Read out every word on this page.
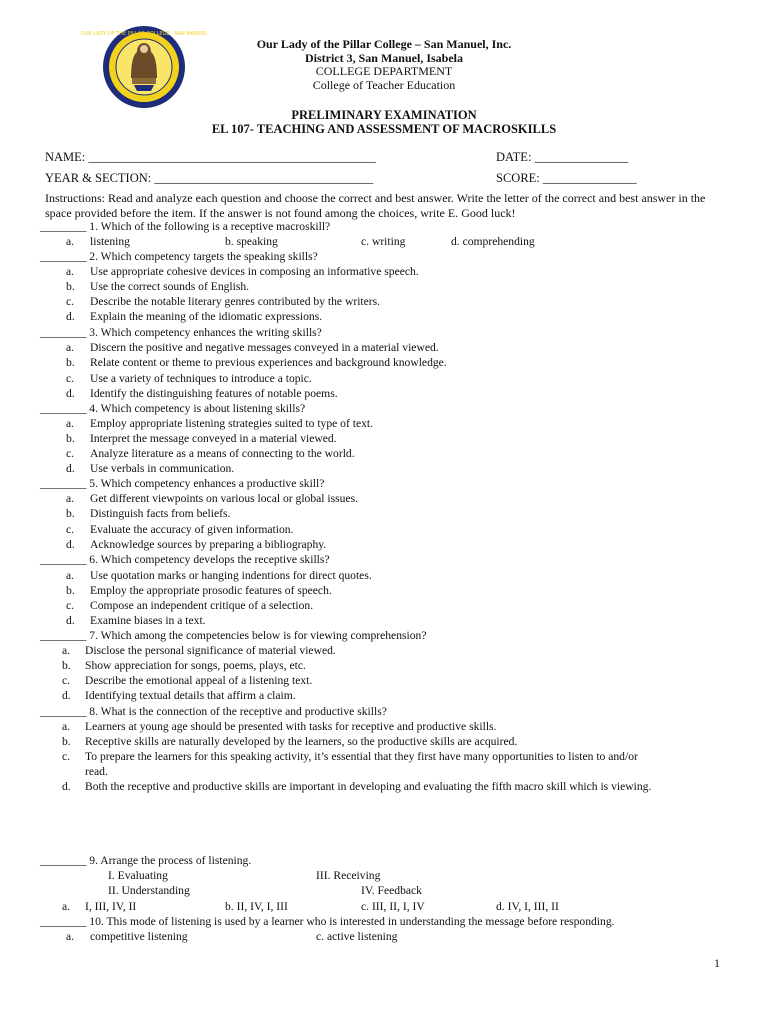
OUR LADY OF THE PILLAR COLLEGE · SAN MANUEL
Our Lady of the Pillar College – San Manuel, Inc.
District 3, San Manuel, Isabela
COLLEGE DEPARTMENT
College of Teacher Education
PRELIMINARY EXAMINATION
EL 107- TEACHING AND ASSESSMENT OF MACROSKILLS
NAME: ______________________________________________	DATE: _______________
YEAR & SECTION: ___________________________________	SCORE: _______________
Instructions: Read and analyze each question and choose the correct and best answer. Write the letter of the correct and best answer in the space provided before the item. If the answer is not found among the choices, write E. Good luck!
________ 1. Which of the following is a receptive macroskill?
a. listening	b. speaking	c. writing	d. comprehending
________ 2. Which competency targets the speaking skills?
a. Use appropriate cohesive devices in composing an informative speech.
b. Use the correct sounds of English.
c. Describe the notable literary genres contributed by the writers.
d. Explain the meaning of the idiomatic expressions.
________ 3. Which competency enhances the writing skills?
a. Discern the positive and negative messages conveyed in a material viewed.
b. Relate content or theme to previous experiences and background knowledge.
c. Use a variety of techniques to introduce a topic.
d. Identify the distinguishing features of notable poems.
________ 4. Which competency is about listening skills?
a. Employ appropriate listening strategies suited to type of text.
b. Interpret the message conveyed in a material viewed.
c. Analyze literature as a means of connecting to the world.
d. Use verbals in communication.
________ 5. Which competency enhances a productive skill?
a. Get different viewpoints on various local or global issues.
b. Distinguish facts from beliefs.
c. Evaluate the accuracy of given information.
d. Acknowledge sources by preparing a bibliography.
________ 6. Which competency develops the receptive skills?
a. Use quotation marks or hanging indentions for direct quotes.
b. Employ the appropriate prosodic features of speech.
c. Compose an independent critique of a selection.
d. Examine biases in a text.
________ 7. Which among the competencies below is for viewing comprehension?
a. Disclose the personal significance of material viewed.
b. Show appreciation for songs, poems, plays, etc.
c. Describe the emotional appeal of a listening text.
d. Identifying textual details that affirm a claim.
________ 8. What is the connection of the receptive and productive skills?
a. Learners at young age should be presented with tasks for receptive and productive skills.
b. Receptive skills are naturally developed by the learners, so the productive skills are acquired.
c. To prepare the learners for this speaking activity, it’s essential that they first have many opportunities to listen to and/or
read.
d. Both the receptive and productive skills are important in developing and evaluating the fifth macro skill which is viewing.
________ 9. Arrange the process of listening.
I. Evaluating	III. Receiving
II. Understanding	IV. Feedback
a. I, III, IV, II	b. II, IV, I, III	c. III, II, I, IV	d. IV, I, III, II
________ 10. This mode of listening is used by a learner who is interested in understanding the message before responding.
a. competitive listening	c. active listening
1
